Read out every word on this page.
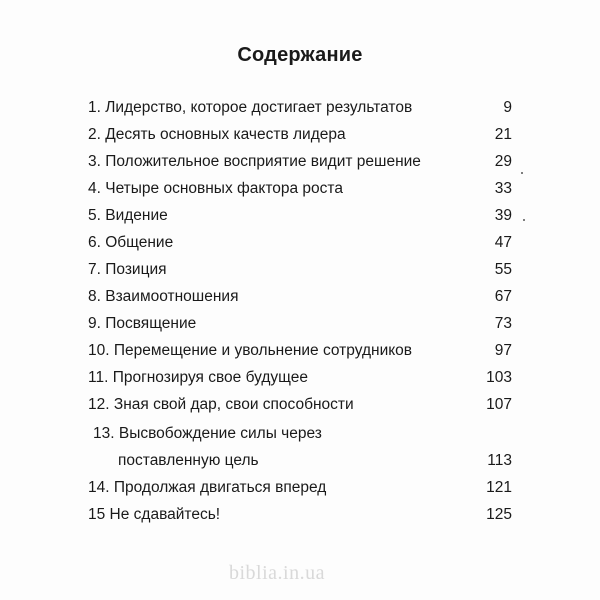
Содержание
1. Лидерство, которое достигает результатов	9
2. Десять основных качеств лидера	21
3. Положительное восприятие видит решение	29
4. Четыре основных фактора роста	33
5. Видение	39
6. Общение	47
7. Позиция	55
8. Взаимоотношения	67
9. Посвящение	73
10. Перемещение и увольнение сотрудников	97
11. Прогнозируя свое будущее	103
12. Зная свой дар, свои способности	107
13. Высвобождение силы через
поставленную цель	113
14. Продолжая двигаться вперед	121
15 Не сдавайтесь!	125
biblia.in.ua
